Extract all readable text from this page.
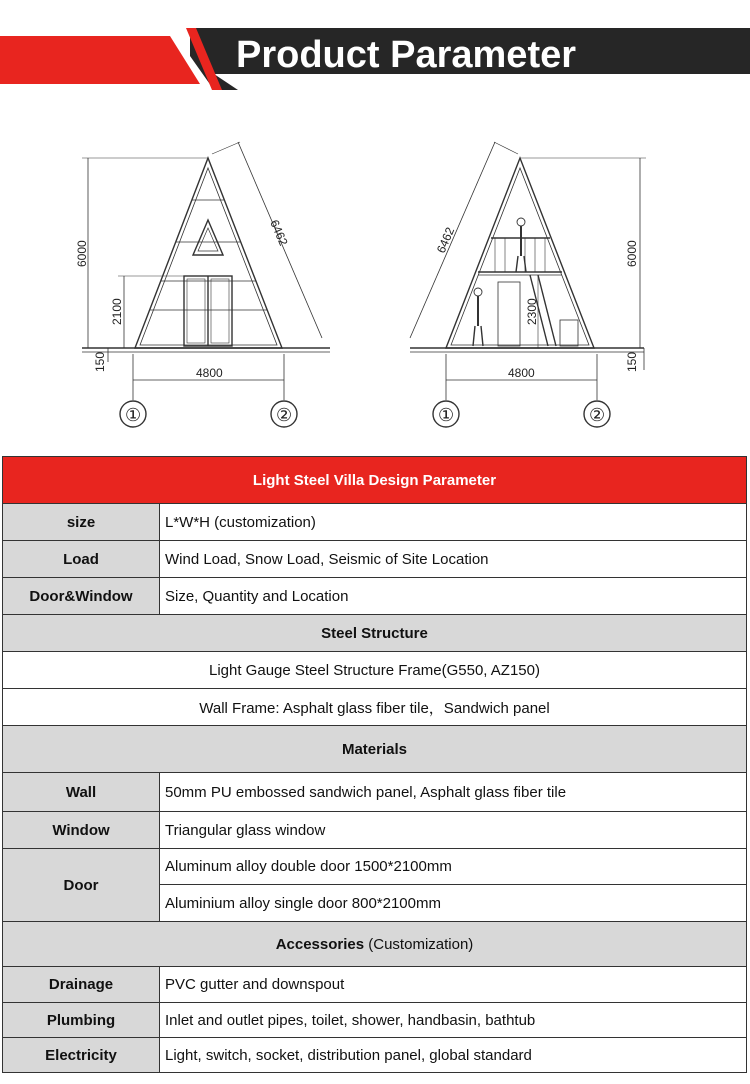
Product Parameter
6000
2100
150
6462
4800
①	②
6000
2300
150
6462
4800
①	②
Light Steel Villa Design Parameter	
size	L*W*H (customization)
Load	Wind Load, Snow Load, Seismic of Site Location
Door&Window	Size, Quantity and Location
Steel Structure	
Light Gauge Steel Structure Frame(G550, AZ150)	
Wall Frame: Asphalt glass fiber tile，Sandwich panel	
Materials	
Wall	50mm PU embossed sandwich panel, Asphalt glass fiber tile
Window	Triangular glass window
Door	Aluminum alloy double door 1500*2100mm
	Aluminium alloy single door 800*2100mm
Accessories (Customization)	
Drainage	PVC gutter and downspout
Plumbing	Inlet and outlet pipes, toilet, shower, handbasin, bathtub
Electricity	Light, switch, socket, distribution panel, global standard
